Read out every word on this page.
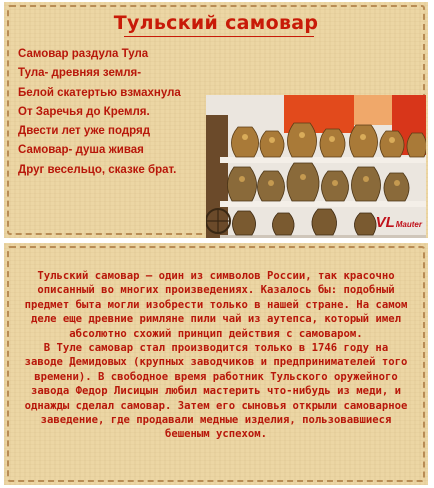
Тульский самовар
Самовар раздула Тула
Тула- древняя земля-
Белой скатертью взмахнула
От Заречья до Кремля.
Двести лет уже подряд
Самовар- душа живая
Друг весельцо, сказке брат.
VLMauter

Тульский самовар — один из символов России, так красочно описанный во многих произведениях. Казалось бы: подобный предмет быта могли изобрести только в нашей стране. На самом деле еще древние римляне пили чай из аутепса, который имел абсолютно схожий принцип действия с самоваром.

В Туле самовар стал производится только в 1746 году на заводе Демидовых (крупных заводчиков и предпринимателей того времени). В свободное время работник Тульского оружейного завода Федор Лисицын любил мастерить что-нибудь из меди, и однажды сделал самовар. Затем его сыновья открыли самоварное заведение, где продавали медные изделия, пользовавшиеся бешеным успехом.
